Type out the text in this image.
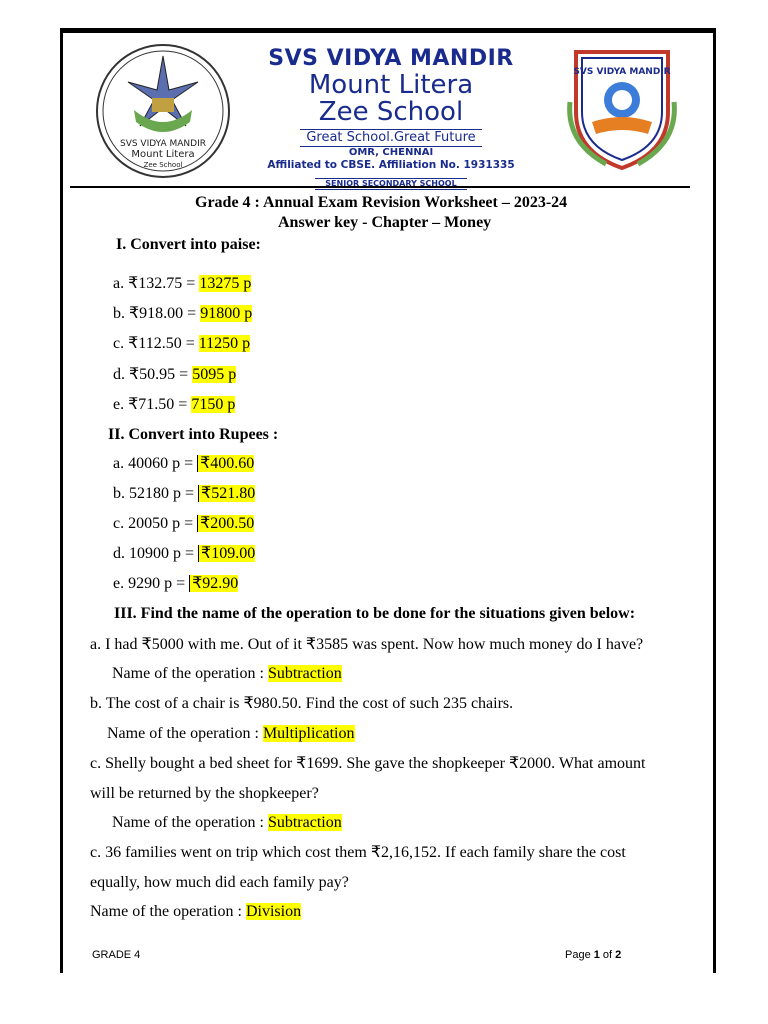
SVS VIDYA MANDIR
Mount Litera
Zee School
SVS VIDYA MANDIR
Mount Litera
Zee School
Great School.Great Future
OMR, CHENNAI
Affiliated to CBSE. Affiliation No. 1931335
SENIOR SECONDARY SCHOOL
SVS VIDYA MANDIR
Grade 4 : Annual Exam Revision Worksheet – 2023-24
Answer key - Chapter – Money
I. Convert into paise:
a. ₹132.75 = 13275 p
b. ₹918.00 = 91800 p
c. ₹112.50 = 11250 p
d. ₹50.95 = 5095 p
e. ₹71.50 = 7150 p
II. Convert into Rupees :
a. 40060 p = ₹400.60
b. 52180 p = ₹521.80
c. 20050 p = ₹200.50
d. 10900 p = ₹109.00
e. 9290 p = ₹92.90
III. Find the name of the operation to be done for the situations given below:
a. I had ₹5000 with me. Out of it ₹3585 was spent. Now how much money do I have?
Name of the operation : Subtraction
b. The cost of a chair is ₹980.50. Find the cost of such 235 chairs.
Name of the operation : Multiplication
c. Shelly bought a bed sheet for ₹1699. She gave the shopkeeper ₹2000. What amount
will be returned by the shopkeeper?
Name of the operation : Subtraction
c. 36 families went on trip which cost them ₹2,16,152. If each family share the cost
equally, how much did each family pay?
Name of the operation : Division
GRADE 4	Page 1 of 2
